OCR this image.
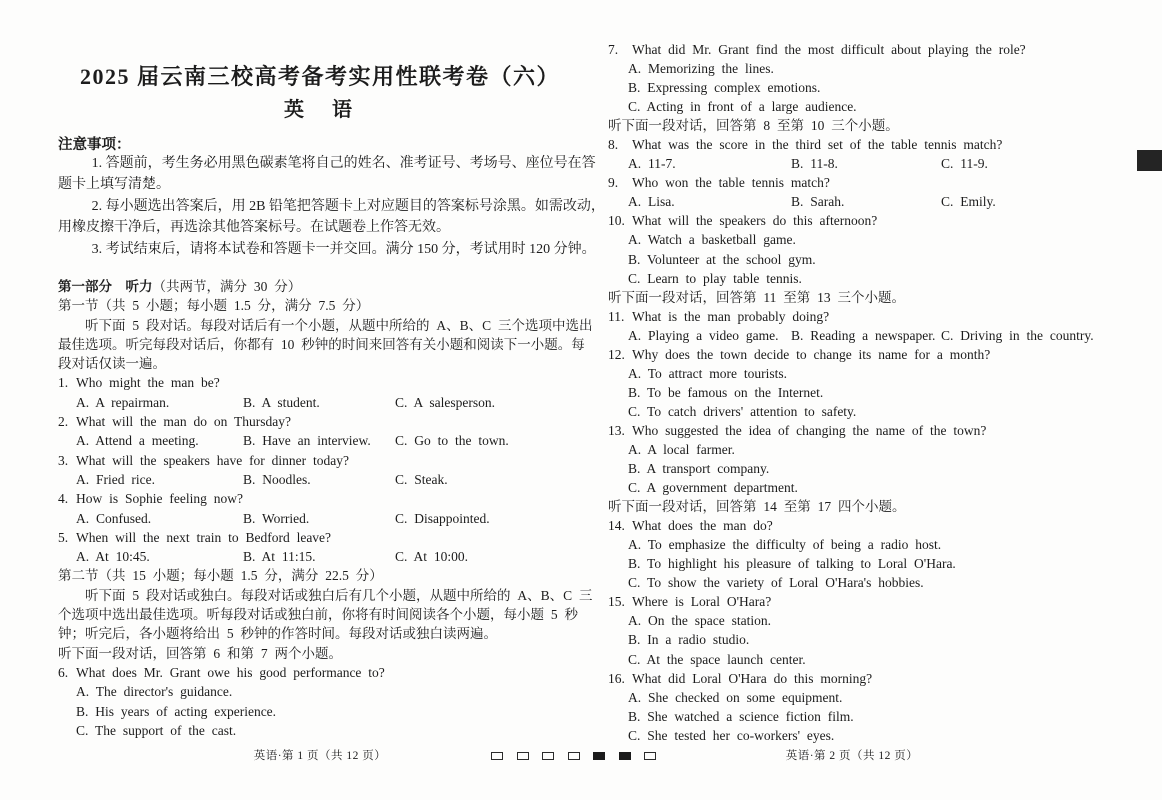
2025 届云南三校高考备考实用性联考卷（六）
英　语
注意事项：
1. 答题前，考生务必用黑色碳素笔将自己的姓名、准考证号、考场号、座位号在答
题卡上填写清楚。
2. 每小题选出答案后，用 2B 铅笔把答题卡上对应题目的答案标号涂黑。如需改动，
用橡皮擦干净后，再选涂其他答案标号。在试题卷上作答无效。
3. 考试结束后，请将本试卷和答题卡一并交回。满分 150 分，考试用时 120 分钟。
第一部分　听力（共两节，满分 30 分）
第一节（共 5 小题；每小题 1.5 分，满分 7.5 分）
听下面 5 段对话。每段对话后有一个小题，从题中所给的 A、B、C 三个选项中选出
最佳选项。听完每段对话后，你都有 10 秒钟的时间来回答有关小题和阅读下一小题。每
段对话仅读一遍。
1. Who might the man be?
A. A repairman.	B. A student.	C. A salesperson.
2. What will the man do on Thursday?
A. Attend a meeting.	B. Have an interview. C. Go to the town.
3. What will the speakers have for dinner today?
A. Fried rice.	B. Noodles.	C. Steak.
4. How is Sophie feeling now?
A. Confused.	B. Worried.	C. Disappointed.
5. When will the next train to Bedford leave?
A. At 10:45.	B. At 11:15.	C. At 10:00.
第二节（共 15 小题；每小题 1.5 分，满分 22.5 分）
听下面 5 段对话或独白。每段对话或独白后有几个小题，从题中所给的 A、B、C 三
个选项中选出最佳选项。听每段对话或独白前，你将有时间阅读各个小题，每小题 5 秒
钟；听完后，各小题将给出 5 秒钟的作答时间。每段对话或独白读两遍。
听下面一段对话，回答第 6 和第 7 两个小题。
6. What does Mr. Grant owe his good performance to?
A. The director's guidance.
B. His years of acting experience.
C. The support of the cast.
7. What did Mr. Grant find the most difficult about playing the role?
A. Memorizing the lines.
B. Expressing complex emotions.
C. Acting in front of a large audience.
听下面一段对话，回答第 8 至第 10 三个小题。
8. What was the score in the third set of the table tennis match?
A. 11-7.	B. 11-8.	C. 11-9.
9. Who won the table tennis match?
A. Lisa.	B. Sarah.	C. Emily.
10. What will the speakers do this afternoon?
A. Watch a basketball game.
B. Volunteer at the school gym.
C. Learn to play table tennis.
听下面一段对话，回答第 11 至第 13 三个小题。
11. What is the man probably doing?
A. Playing a video game. B. Reading a newspaper. C. Driving in the country.
12. Why does the town decide to change its name for a month?
A. To attract more tourists.
B. To be famous on the Internet.
C. To catch drivers' attention to safety.
13. Who suggested the idea of changing the name of the town?
A. A local farmer.
B. A transport company.
C. A government department.
听下面一段对话，回答第 14 至第 17 四个小题。
14. What does the man do?
A. To emphasize the difficulty of being a radio host.
B. To highlight his pleasure of talking to Loral O'Hara.
C. To show the variety of Loral O'Hara's hobbies.
15. Where is Loral O'Hara?
A. On the space station.
B. In a radio studio.
C. At the space launch center.
16. What did Loral O'Hara do this morning?
A. She checked on some equipment.
B. She watched a science fiction film.
C. She tested her co-workers' eyes.
英语·第 1 页（共 12 页）	英语·第 2 页（共 12 页）
